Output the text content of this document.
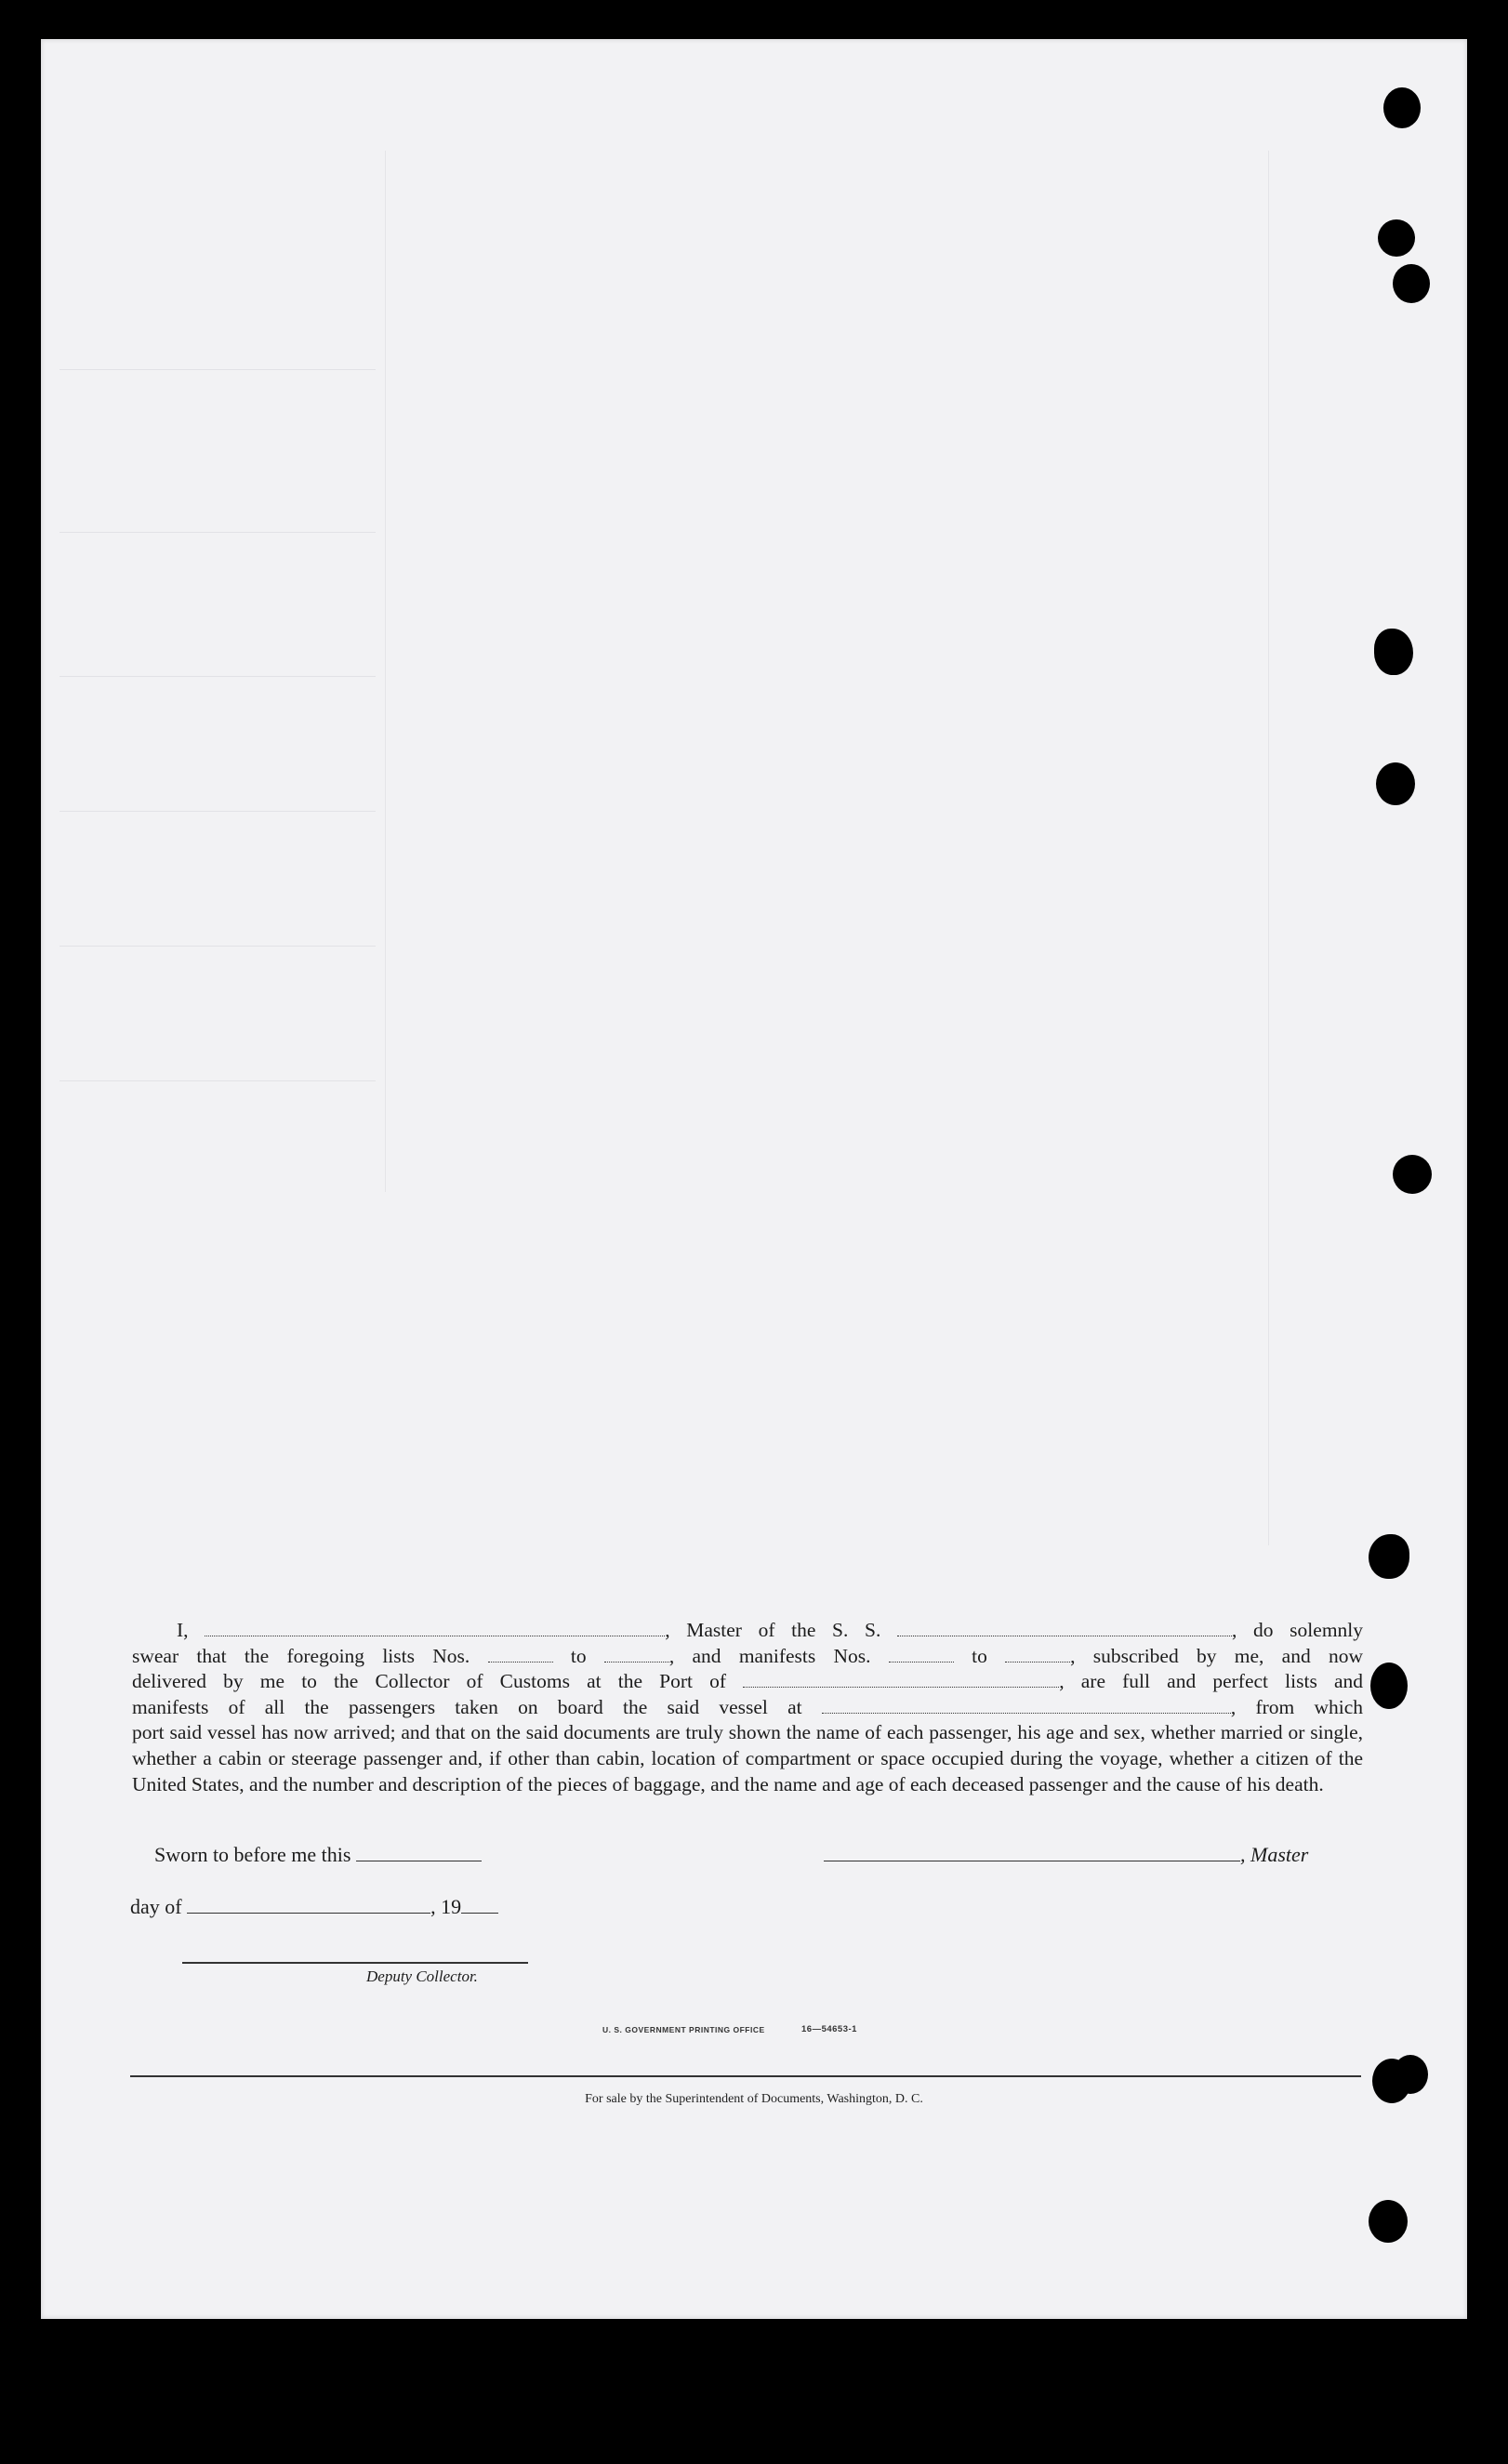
I,	, Master of the S. S.	, do solemnly
swear that the foregoing lists Nos.	to	, and manifests Nos.	to	, subscribed by me, and now
delivered by me to the Collector of Customs at the Port of	, are full and perfect lists and
manifests of all the passengers taken on board the said vessel at	, from which
port said vessel has now arrived; and that on the said documents are truly shown the name of each passenger, his age and sex, whether married or single, whether a cabin or steerage passenger and, if other than cabin, location of compartment or space occupied during the voyage, whether a citizen of the United States, and the number and description of the pieces of baggage, and the name and age of each deceased passenger and the cause of his death.
Sworn to before me this	, Master
day of	, 19
Deputy Collector.
U. S. GOVERNMENT PRINTING OFFICE	16—54653-1
For sale by the Superintendent of Documents, Washington, D. C.
